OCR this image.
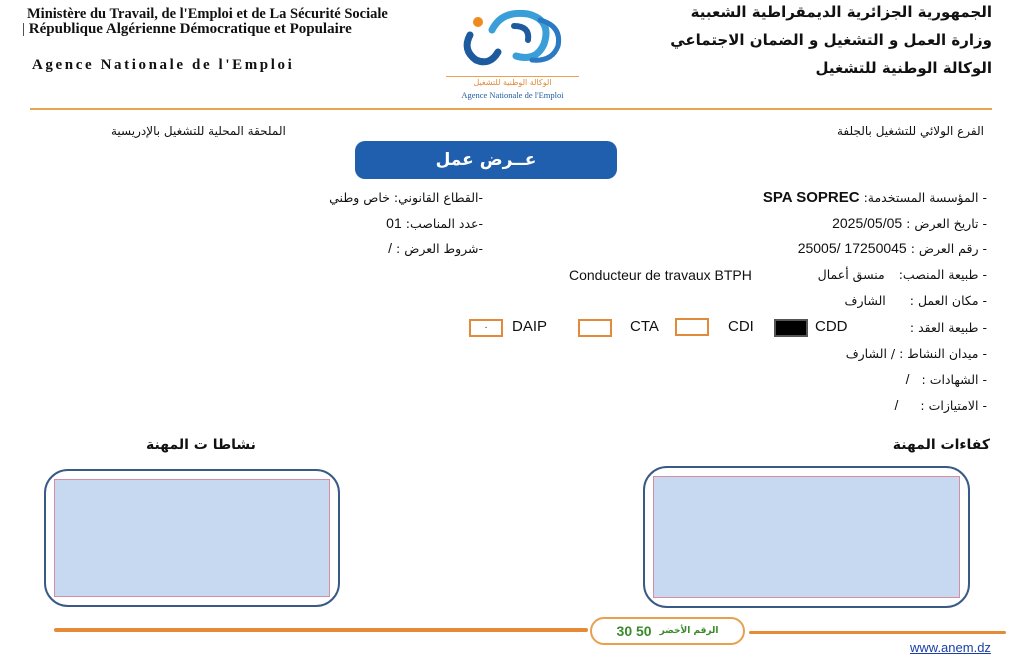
Ministère du Travail, de l'Emploi et de La Sécurité Sociale
| République Algérienne Démocratique et Populaire
Agence Nationale de l'Emploi
الوكالة الوطنية للتشغيل
Agence Nationale de l'Emploi
الجمهورية الجزائرية الديمقراطية الشعبية
وزارة العمل و التشغيل و الضمان الاجتماعي
الوكالة الوطنية للتشغيل
الملحقة المحلية للتشغيل بالإدريسية	الفرع الولائي للتشغيل بالجلفة
عــرض عمل
-القطاع القانوني: خاص وطني
-عدد المناصب: 01
-شروط العرض : /
- المؤسسة المستخدمة: SPA SOPREC
- تاريخ العرض : 2025/05/05
- رقم العرض : 17250045 /25005
- طبيعة المنصب: منسق أعمال
Conducteur de travaux BTPH
- مكان العمل : الشارف
- طبيعة العقد :
CDD
CDI
CTA
DAIP
.
- ميدان النشاط : / الشارف
- الشهادات : /
- الامتيازات : /
نشاطا ت المهنة	كفاءات المهنة
30 50 الرقم الأخضر
www.anem.dz
